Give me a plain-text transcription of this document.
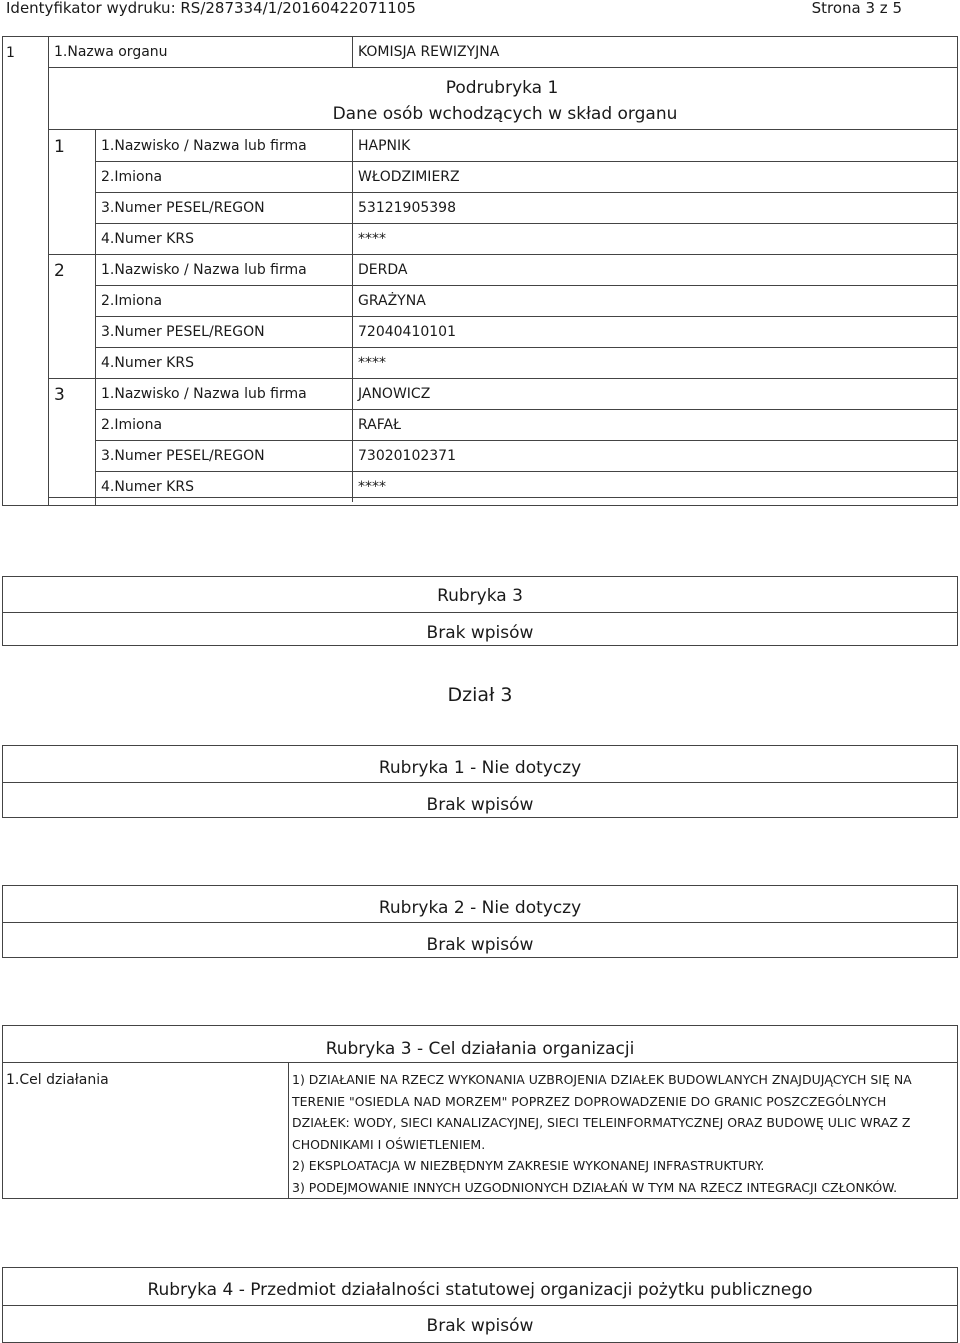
Identyfikator wydruku: RS/287334/1/20160422071105	Strona 3 z 5
1	1.Nazwa organu	KOMISJA REWIZYJNA
Podrubryka 1
Dane osób wchodzących w skład organu
1	1.Nazwisko / Nazwa lub firma	HAPNIK
2.Imiona	WŁODZIMIERZ
3.Numer PESEL/REGON	53121905398
4.Numer KRS	****
2	1.Nazwisko / Nazwa lub firma	DERDA
2.Imiona	GRAŻYNA
3.Numer PESEL/REGON	72040410101
4.Numer KRS	****
3	1.Nazwisko / Nazwa lub firma	JANOWICZ
2.Imiona	RAFAŁ
3.Numer PESEL/REGON	73020102371
4.Numer KRS	****
Rubryka 3
Brak wpisów
Dział 3
Rubryka 1 - Nie dotyczy
Brak wpisów
Rubryka 2 - Nie dotyczy
Brak wpisów
Rubryka 3 - Cel działania organizacji
1.Cel działania	1) DZIAŁANIE NA RZECZ WYKONANIA UZBROJENIA DZIAŁEK BUDOWLANYCH ZNAJDUJĄCYCH SIĘ NA
TERENIE "OSIEDLA NAD MORZEM" POPRZEZ DOPROWADZENIE DO GRANIC POSZCZEGÓLNYCH
DZIAŁEK: WODY, SIECI KANALIZACYJNEJ, SIECI TELEINFORMATYCZNEJ ORAZ BUDOWĘ ULIC WRAZ Z
CHODNIKAMI I OŚWIETLENIEM.
2) EKSPLOATACJA W NIEZBĘDNYM ZAKRESIE WYKONANEJ INFRASTRUKTURY.
3) PODEJMOWANIE INNYCH UZGODNIONYCH DZIAŁAŃ W TYM NA RZECZ INTEGRACJI CZŁONKÓW.
Rubryka 4 - Przedmiot działalności statutowej organizacji pożytku publicznego
Brak wpisów
